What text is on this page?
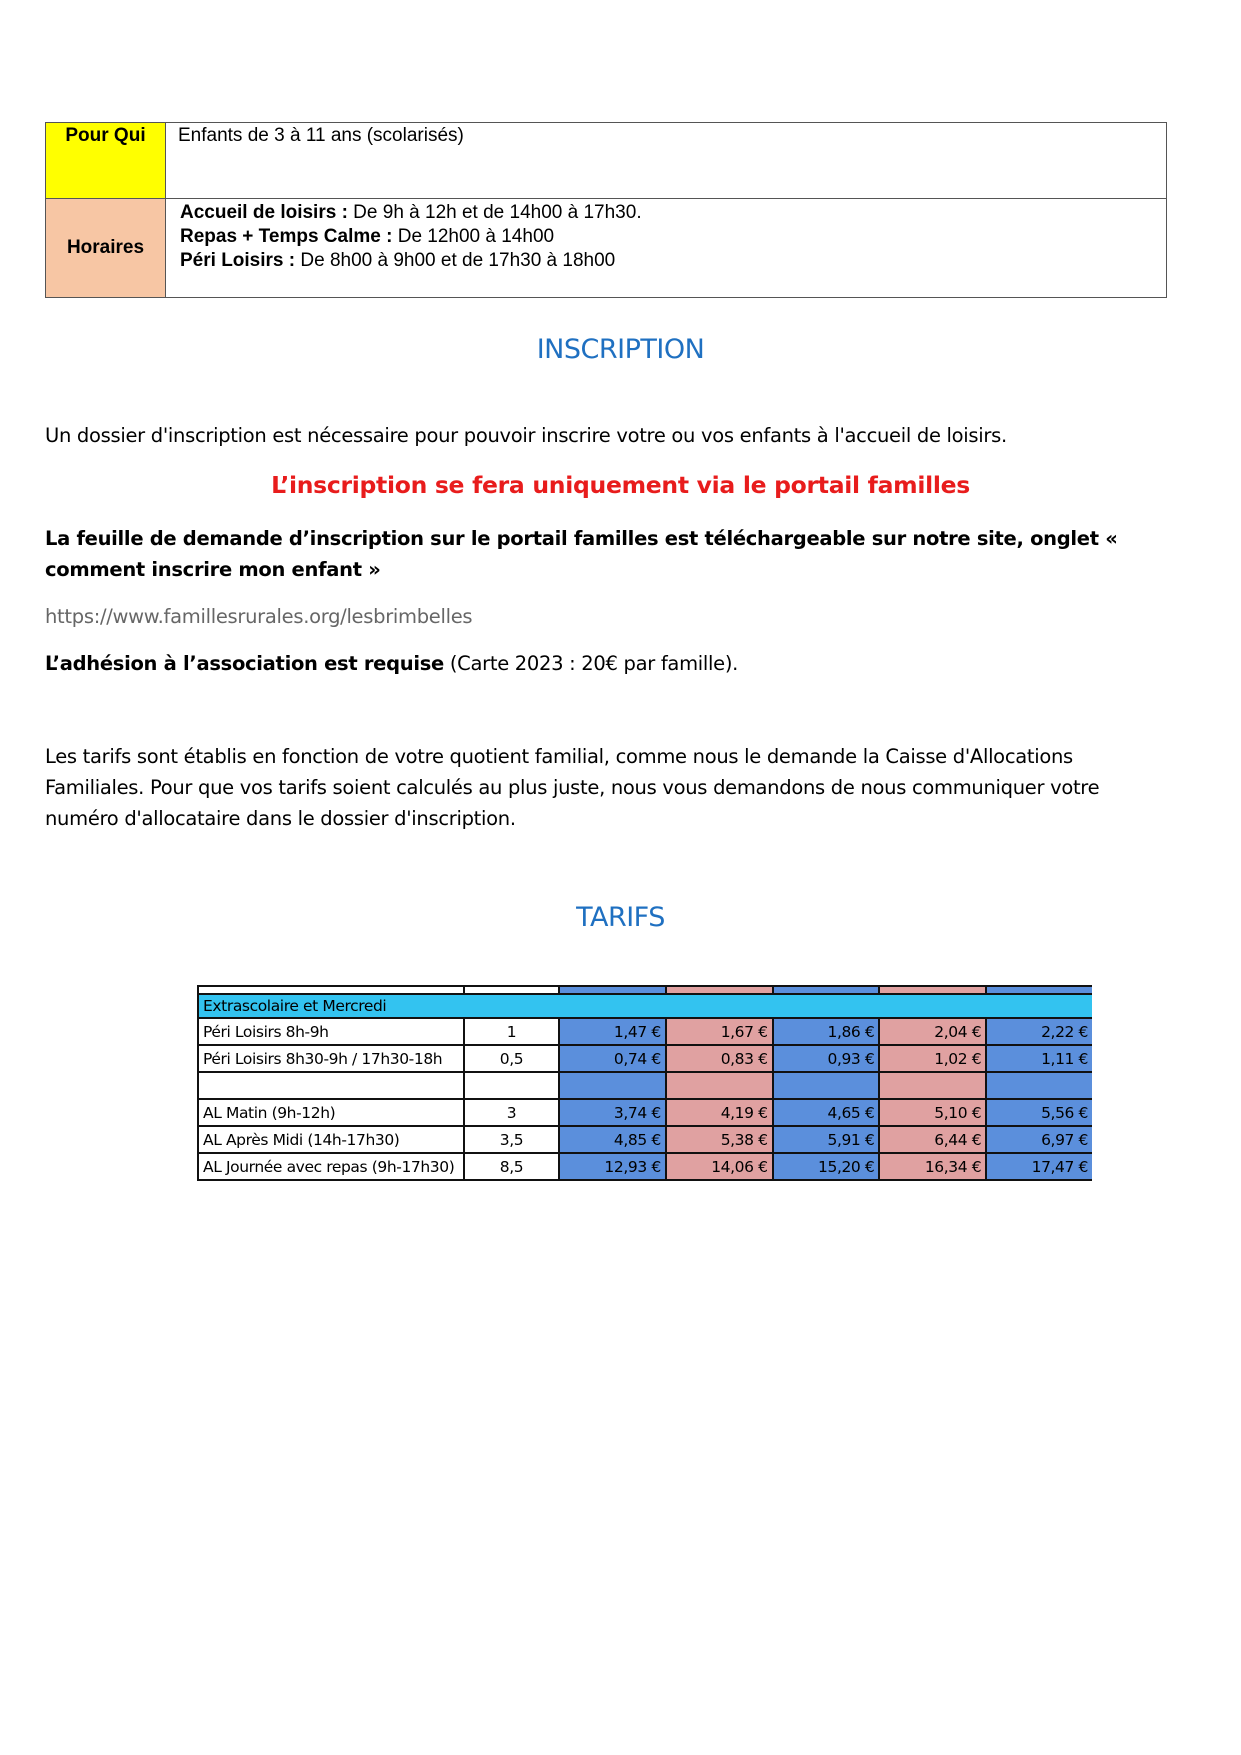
Pour Qui	Enfants de 3 à 11 ans (scolarisés)
Horaires	Accueil de loisirs : De 9h à 12h et de 14h00 à 17h30.
Repas + Temps Calme : De 12h00 à 14h00
Péri Loisirs : De 8h00 à 9h00 et de 17h30 à 18h00
INSCRIPTION
Un dossier d'inscription est nécessaire pour pouvoir inscrire votre ou vos enfants à l'accueil de loisirs.
L’inscription se fera uniquement via le portail familles
La feuille de demande d’inscription sur le portail familles est téléchargeable sur notre site, onglet « comment inscrire mon enfant »
https://www.famillesrurales.org/lesbrimbelles
L’adhésion à l’association est requise (Carte 2023 : 20€ par famille).
Les tarifs sont établis en fonction de votre quotient familial, comme nous le demande la Caisse d'Allocations Familiales. Pour que vos tarifs soient calculés au plus juste, nous vous demandons de nous communiquer votre numéro d'allocataire dans le dossier d'inscription.
TARIFS

Extrascolaire et Mercredi						
Péri Loisirs 8h-9h	1	1,47 €	1,67 €	1,86 €	2,04 €	2,22 €
Péri Loisirs 8h30-9h / 17h30-18h	0,5	0,74 €	0,83 €	0,93 €	1,02 €	1,11 €

AL Matin (9h-12h)	3	3,74 €	4,19 €	4,65 €	5,10 €	5,56 €
AL Après Midi (14h-17h30)	3,5	4,85 €	5,38 €	5,91 €	6,44 €	6,97 €
AL Journée avec repas (9h-17h30)	8,5	12,93 €	14,06 €	15,20 €	16,34 €	17,47 €
